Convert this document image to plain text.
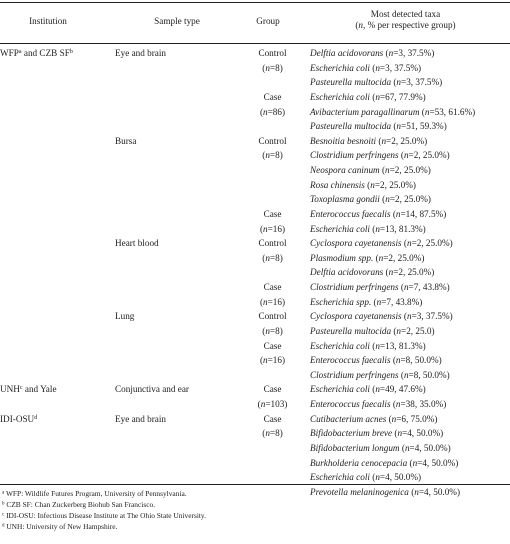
Institution	Sample type	Group
Most detected taxa
(n, % per respective group)
WFP$^a$ and CZB $SF^b$	Eye and brain	Control	Delftia acidovorans (n=3, 37.5%)
		(n=8)	Escherichia coli (n=3, 37.5%)
			Pasteurella multocida (n=3, 37.5%)
		Case	Escherichia coli (n=67, 77.9%)
		(n=86)	Avibacterium paragallinarum (n=53, 61.6%)
			Pasteurella multocida (n=51, 59.3%)
	Bursa	Control	Besnoitia besnoiti (n=2, 25.0%)
		(n=8)	Clostridium perfringens (n=2, 25.0%)
			Neospora caninum (n=2, 25.0%)
			Rosa chinensis (n=2, 25.0%)
			Toxoplasma gondii (n=2, 25.0%)
		Case	Enterococcus faecalis (n=14, 87.5%)
		(n=16)	Escherichia coli (n=13, 81.3%)
	Heart blood	Control	Cyclospora cayetanensis (n=2, 25.0%)
		(n=8)	Plasmodium spp. (n=2, 25.0%)
			Delftia acidovorans (n=2, 25.0%)
		Case	Clostridium perfringens (n=7, 43.8%)
		(n=16)	Escherichia spp. (n=7, 43.8%)
	Lung	Control	Cyclospora cayetanensis (n=3, 37.5%)
		(n=8)	Pasteurella multocida (n=2, 25.0)
		Case	Escherichia coli (n=13, 81.3%)
		(n=16)	Enterococcus faecalis (n=8, 50.0%)
			Clostridium perfringens (n=8, 50.0%)
UNH$^c$ and Yale	Conjunctiva and ear	Case	Escherichia coli (n=49, 47.6%)
		(n=103)	Enterococcus faecalis (n=38, 35.0%)
IDI-OSU$^d$	Eye and brain	Case	Cutibacterium acnes (n=6, 75.0%)
		(n=8)	Bifidobacterium breve (n=4, 50.0%)
			Bifidobacterium longum (n=4, 50.0%)
			Burkholderia cenocepacia (n=4, 50.0%)
			Escherichia coli (n=4, 50.0%)
			Prevotella melaninogenica (n=4, 50.0%)
$^a$ WFP: Wildlife Futures Program, University of Pennsylvania.
$^b$ CZB SF: Chan Zuckerberg Biohub San Francisco.
$^c$ IDI-OSU: Infectious Disease Institute at The Ohio State University.
$^d$ UNH: University of New Hampshire.
